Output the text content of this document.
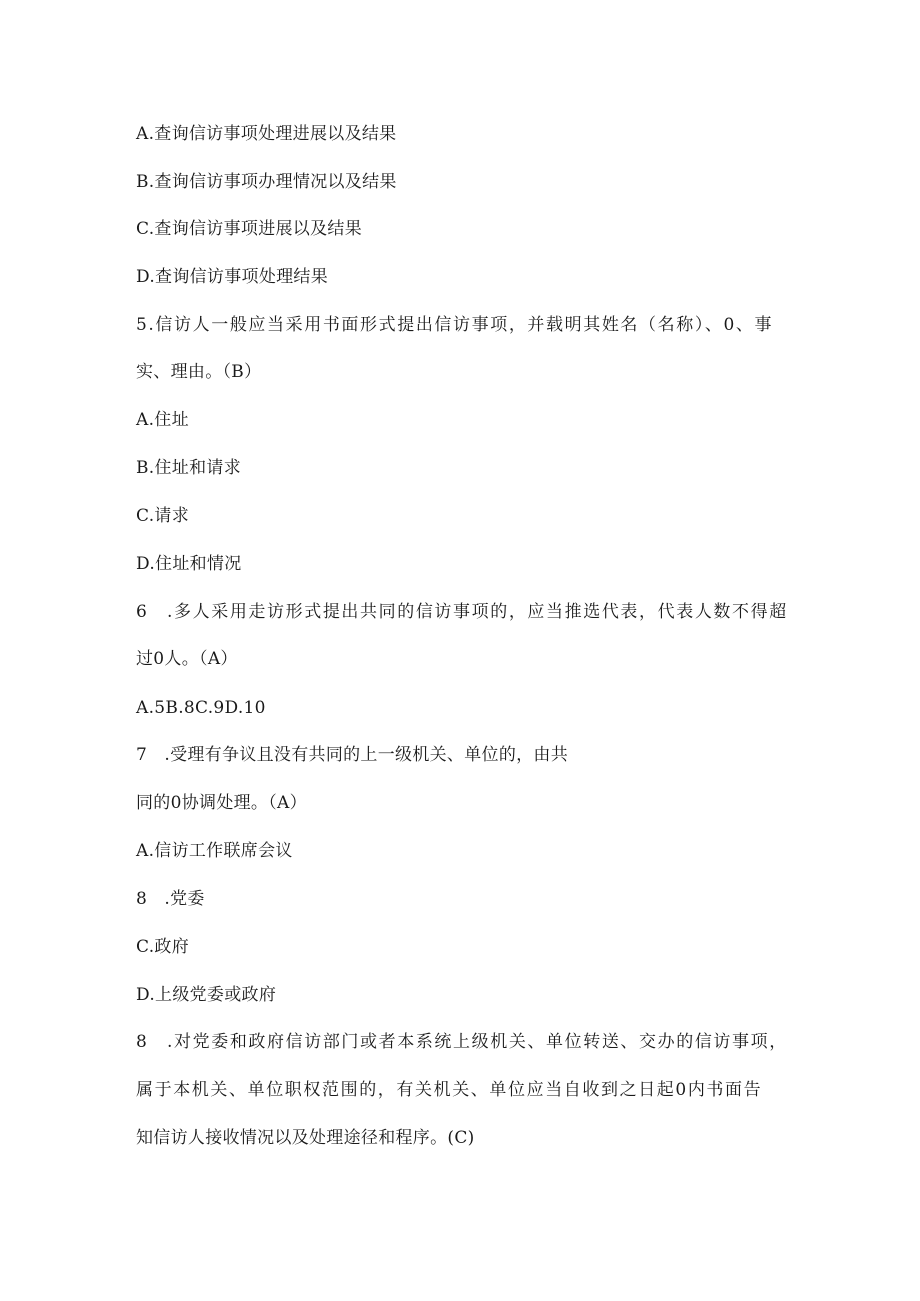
A.查询信访事项处理进展以及结果

B.查询信访事项办理情况以及结果

C.查询信访事项进展以及结果

D.查询信访事项处理结果

5.信访人一般应当采用书面形式提出信访事项，并载明其姓名（名称）、0、事

实、理由。（B）

A.住址

B.住址和请求

C.请求

D.住址和情况

6　.多人采用走访形式提出共同的信访事项的，应当推选代表，代表人数不得超

过0人。（A）

A.5B.8C.9D.10

7　.受理有争议且没有共同的上一级机关、单位的，由共

同的0协调处理。（A）

A.信访工作联席会议

8　.党委

C.政府

D.上级党委或政府

8　.对党委和政府信访部门或者本系统上级机关、单位转送、交办的信访事项，

属于本机关、单位职权范围的，有关机关、单位应当自收到之日起0内书面告

知信访人接收情况以及处理途径和程序。(C)
